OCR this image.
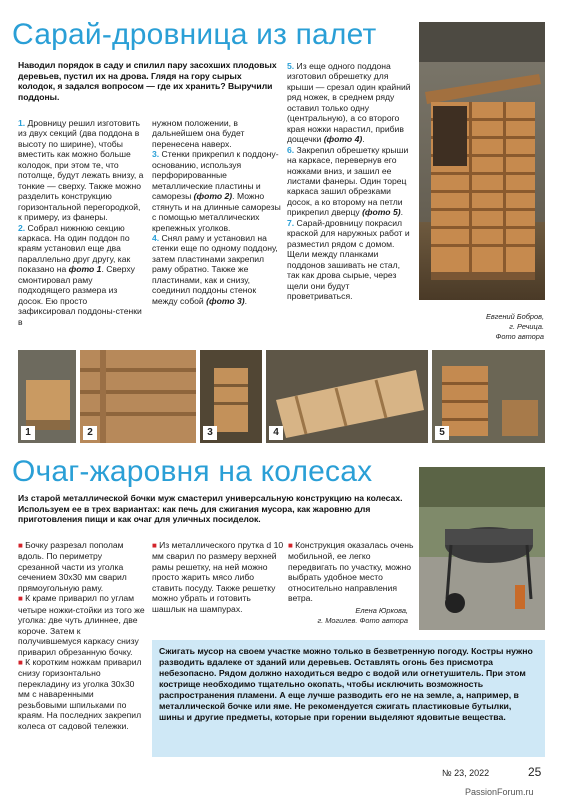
Сарай-дровница из палет
Наводил порядок в саду и спилил пару засохших плодовых деревьев, пустил их на дрова. Глядя на гору сырых колодок, я задался вопросом — где их хранить? Выручили поддоны.

1. Дровницу решил изготовить из двух секций (два поддона в высоту по ширине), чтобы вместить как можно больше колодок, при этом те, что потолще, будут лежать внизу, а тонкие — сверху. Также можно разделить конструкцию горизонтальной перегородкой, к примеру, из фанеры.

2. Собрал нижнюю секцию каркаса. На один поддон по краям установил еще два параллельно друг другу, как показано на фото 1. Сверху смонтировал раму подходящего размера из досок. Ею просто зафиксировал поддоны-стенки в

нужном положении, в дальнейшем она будет перенесена наверх.

3. Стенки прикрепил к поддону-основанию, используя перфорированные металлические пластины и саморезы (фото 2). Можно стянуть и на длинные саморезы с помощью металлических крепежных уголков.

4. Снял раму и установил на стенки еще по одному поддону, затем пластинами закрепил раму обратно. Также же пластинами, как и снизу, соединил поддоны стенок между собой (фото 3).

5. Из еще одного поддона изготовил обрешетку для крыши — срезал один крайний ряд ножек, в среднем ряду оставил только одну (центральную), а со второго края ножки нарастил, прибив дощечки (фото 4).

6. Закрепил обрешетку крыши на каркасе, перевернув его ножками вниз, и зашил ее листами фанеры. Один торец каркаса зашил обрезками досок, а ко второму на петли прикрепил дверцу (фото 5).

7. Сарай-дровницу покрасил краской для наружных работ и разместил рядом с домом. Щели между планками поддонов зашивать не стал, так как дрова сырые, через щели они будут проветриваться.

Евгений Бобров,
г. Речица.
Фото автора
1	2	3	4	5
Очаг-жаровня на колесах
Из старой металлической бочки муж смастерил универсальную конструкцию на колесах. Используем ее в трех вариантах: как печь для сжигания мусора, как жаровню для приготовления пищи и как очаг для уличных посиделок.

■ Бочку разрезал пополам вдоль. По периметру срезанной части из уголка сечением 30х30 мм сварил прямоугольную раму.

■ К краме приварил по углам четыре ножки-стойки из того же уголка: две чуть длиннее, две короче. Затем к получившемуся каркасу снизу приварил обрезанную бочку.

■ К коротким ножкам приварил снизу горизонтально перекладину из уголка 30х30 мм с навaренными резьбовыми шпильками по краям. На последних закрепил колеса от садовой тележки.

■ Из металлического прутка d 10 мм сварил по размеру верхней рамы решетку, на ней можно просто жарить мясо либо ставить посуду. Также решетку можно убрать и готовить шашлык на шампурах.

■ Конструкция оказалась очень мобильной, ее легко передвигать по участку, можно выбрать удобное место относительно направления ветра.

Елена Юркова,
г. Могилев. Фото автора
Сжигать мусор на своем участке можно только в безветренную погоду. Костры нужно разводить вдалеке от зданий или деревьев. Оставлять огонь без присмотра небезопасно. Рядом должно находиться ведро с водой или огнетушитель. При этом кострище необходимо тщательно окопать, чтобы исключить возможность распространения пламени. А еще лучше разводить его не на земле, а, например, в металлической бочке или яме. Не рекомендуется сжигать пластиковые бутылки, шины и другие предметы, которые при горении выделяют ядовитые вещества.
№ 23, 2022	25
PassionForum.ru
